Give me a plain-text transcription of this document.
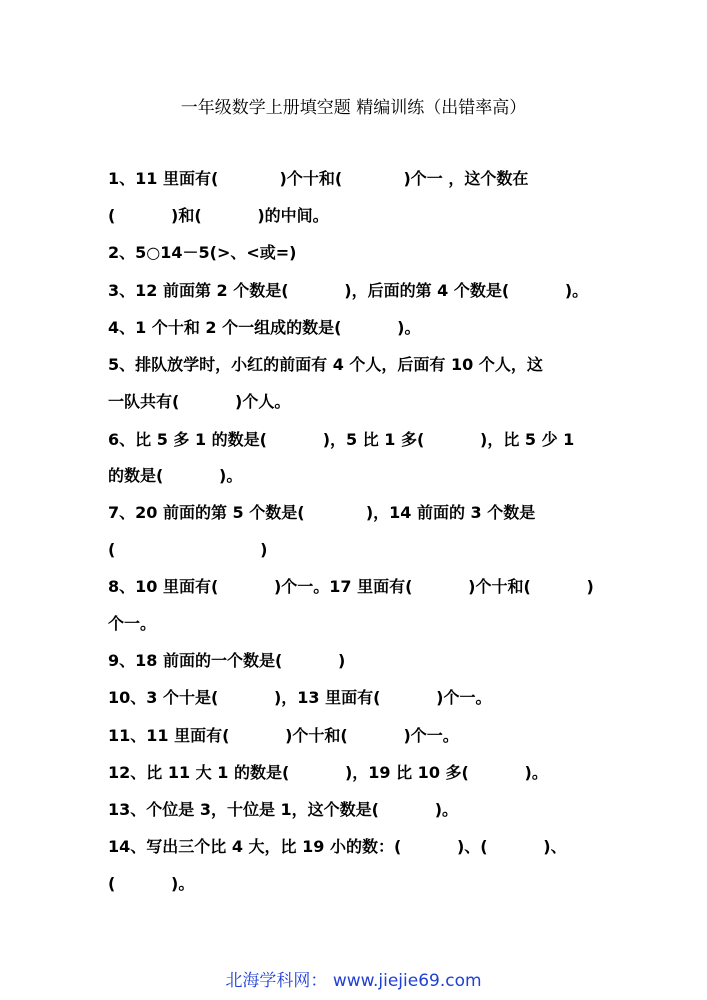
一年级数学上册填空题 精编训练（出错率高）
1、11 里面有(           )个十和(           )个一 ，这个数在
(          )和(          )的中间。
2、5○14－5(>、<或=)
3、12 前面第 2 个数是(          )，后面的第 4 个数是(          )。
4、1 个十和 2 个一组成的数是(          )。
5、排队放学时，小红的前面有 4 个人，后面有 10 个人，这
一队共有(          )个人。
6、比 5 多 1 的数是(          )，5 比 1 多(          )，比 5 少 1
的数是(          )。
7、20 前面的第 5 个数是(           )，14 前面的 3 个数是
(                          )
8、10 里面有(          )个一。17 里面有(          )个十和(          )
个一。
9、18 前面的一个数是(          )
10、3 个十是(          )，13 里面有(          )个一。
11、11 里面有(          )个十和(          )个一。
12、比 11 大 1 的数是(          )，19 比 10 多(          )。
13、个位是 3，十位是 1，这个数是(          )。
14、写出三个比 4 大，比 19 小的数：(          )、(          )、
(          )。
北海学科网： www.jiejie69.com
